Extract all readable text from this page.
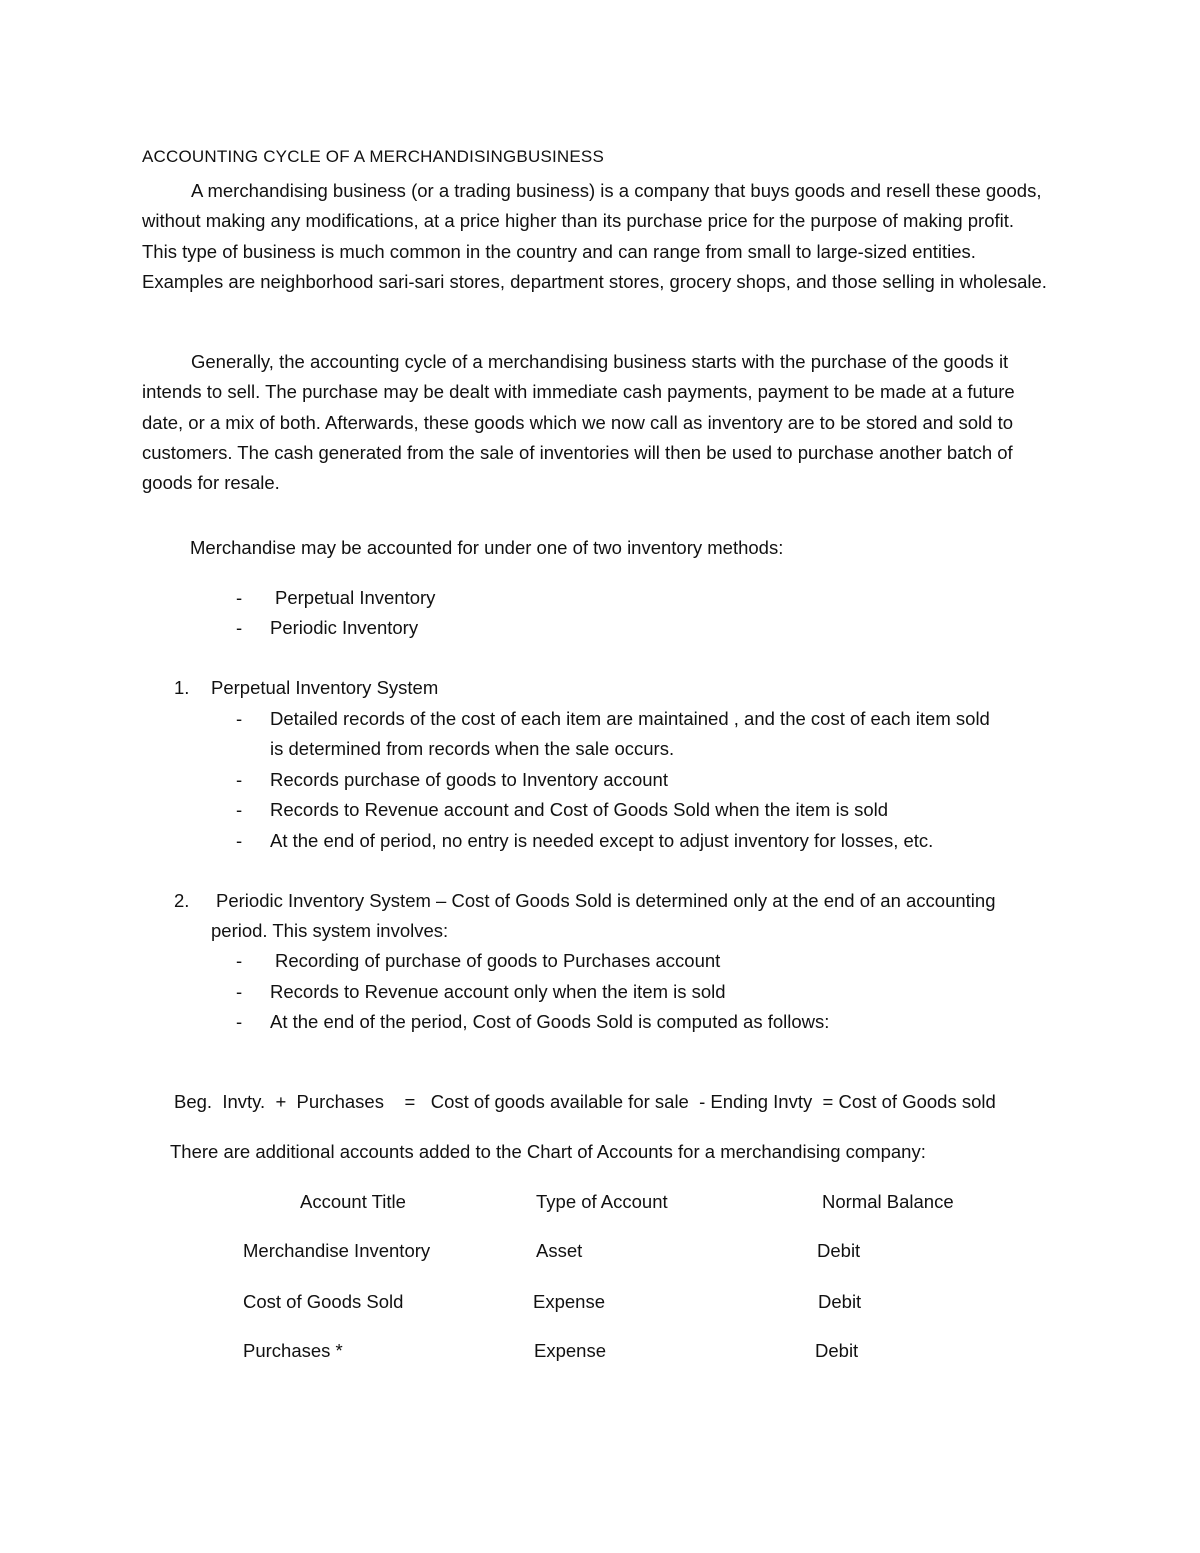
ACCOUNTING CYCLE OF A MERCHANDISINGBUSINESS

A merchandising business (or a trading business) is a company that buys goods and resell these goods, without making any modifications, at a price higher than its purchase price for the purpose of making profit. This type of business is much common in the country and can range from small to large-sized entities. Examples are neighborhood sari-sari stores, department stores, grocery shops, and those selling in wholesale.

Generally, the accounting cycle of a merchandising business starts with the purchase of the goods it intends to sell. The purchase may be dealt with immediate cash payments, payment to be made at a future date, or a mix of both. Afterwards, these goods which we now call as inventory are to be stored and sold to customers. The cash generated from the sale of inventories will then be used to purchase another batch of goods for resale.

Merchandise may be accounted for under one of two inventory methods:
- Perpetual Inventory
- Periodic Inventory
1. Perpetual Inventory System
- Detailed records of the cost of each item are maintained , and the cost of each item sold
is determined from records when the sale occurs.
- Records purchase of goods to Inventory account
- Records to Revenue account and Cost of Goods Sold when the item is sold
- At the end of period, no entry is needed except to adjust inventory for losses, etc.
2. Periodic Inventory System – Cost of Goods Sold is determined only at the end of an accounting
period. This system involves:
- Recording of purchase of goods to Purchases account
- Records to Revenue account only when the item is sold
- At the end of the period, Cost of Goods Sold is computed as follows:
Beg.  Invty.  +  Purchases    =   Cost of goods available for sale  - Ending Invty  = Cost of Goods sold
There are additional accounts added to the Chart of Accounts for a merchandising company:
Account Title	Type of Account	Normal Balance
Merchandise Inventory	Asset	Debit
Cost of Goods Sold	Expense	Debit
Purchases *	Expense	Debit
